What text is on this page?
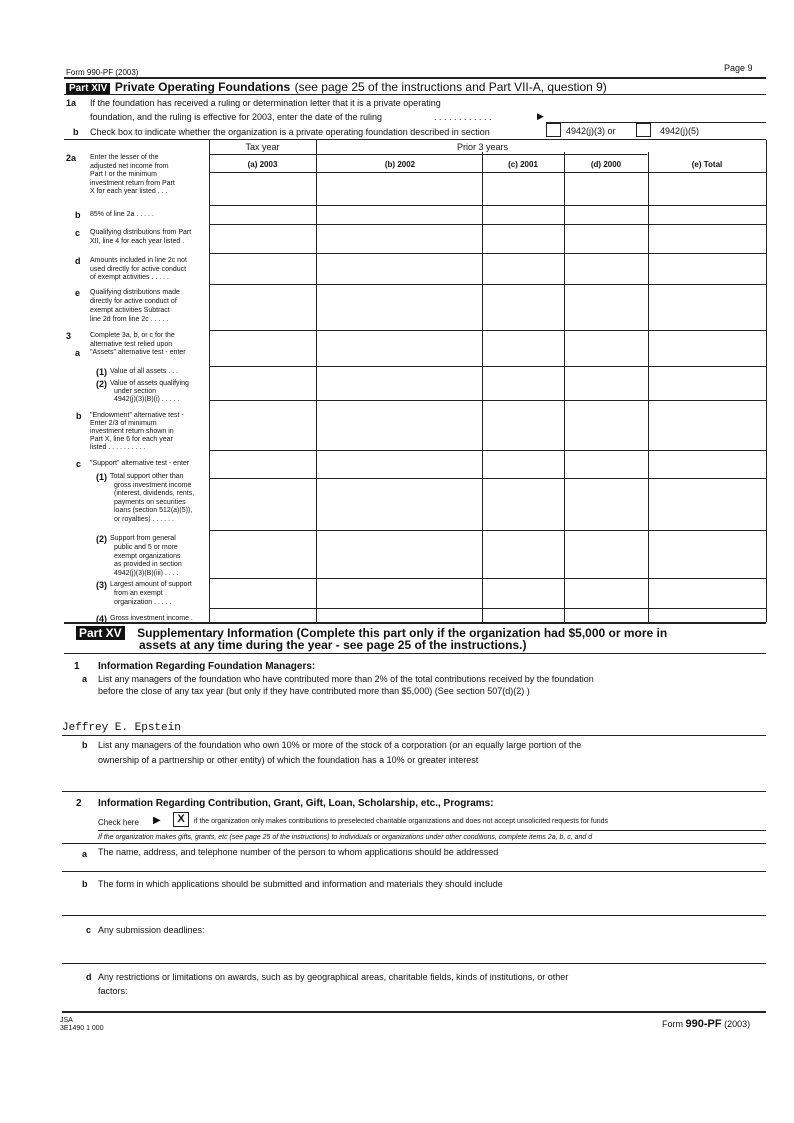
Form 990-PF (2003)	Page 9
Part XIV Private Operating Foundations (see page 25 of the instructions and Part VII-A, question 9)
1a If the foundation has received a ruling or determination letter that it is a private operating
foundation, and the ruling is effective for 2003, enter the date of the ruling	. . . . . . . . . . . .	▶
b Check box to indicate whether the organization is a private operating foundation described in section	4942(j)(3) or	4942(j)(5)
Tax year	Prior 3 years
(a) 2003	(b) 2002	(c) 2001	(d) 2000	(e) Total
2a Enter the lesser of the
adjusted net income from
Part I or the minimum
investment return from Part
X for each year listed . . .
b 85% of line 2a . . . . .
c Qualifying distributions from Part
XII, line 4 for each year listed .
d Amounts included in line 2c not
used directly for active conduct
of exempt activities . . . . .
e Qualifying distributions made
directly for active conduct of
exempt activities Subtract
line 2d from line 2c . . . . .
3
a
Complete 3a, b, or c for the
alternative test relied upon
"Assets" alternative test - enter
(1) Value of all assets . . .
(2) Value of assets qualifying
under section
4942(j)(3)(B)(i) . . . . .
b "Endowment" alternative test -
Enter 2/3 of minimum
investment return shown in
Part X, line 6 for each year
listed . . . . . . . . . .
c "Support" alternative test - enter
(1) Total support other than
gross investment income
(interest, dividends, rents,
payments on securities
loans (section 512(a)(5)),
or royalties) . . . . . .
(2) Support from general
public and 5 or more
exempt organizations
as provided in section
4942(j)(3)(B)(iii) . . . .
(3) Largest amount of support
from an exempt
organization . . . . .
(4) Gross investment income .
Part XV Supplementary Information (Complete this part only if the organization had $5,000 or more in
assets at any time during the year - see page 25 of the instructions.)
1 Information Regarding Foundation Managers:
a List any managers of the foundation who have contributed more than 2% of the total contributions received by the foundation
before the close of any tax year (but only if they have contributed more than $5,000) (See section 507(d)(2) )
Jeffrey E. Epstein
b List any managers of the foundation who own 10% or more of the stock of a corporation (or an equally large portion of the
ownership of a partnership or other entity) of which the foundation has a 10% or greater interest
2 Information Regarding Contribution, Grant, Gift, Loan, Scholarship, etc., Programs:
Check here ▶	X	if the organization only makes contributions to preselected charitable organizations and does not accept unsolicited requests for funds
If the organization makes gifts, grants, etc (see page 25 of the instructions) to individuals or organizations under other conditions, complete items 2a, b, c, and d
a The name, address, and telephone number of the person to whom applications should be addressed
b The form in which applications should be submitted and information and materials they should include
c Any submission deadlines:
d Any restrictions or limitations on awards, such as by geographical areas, charitable fields, kinds of institutions, or other
factors:
JSA
3E1490 1 000	Form 990-PF (2003)
